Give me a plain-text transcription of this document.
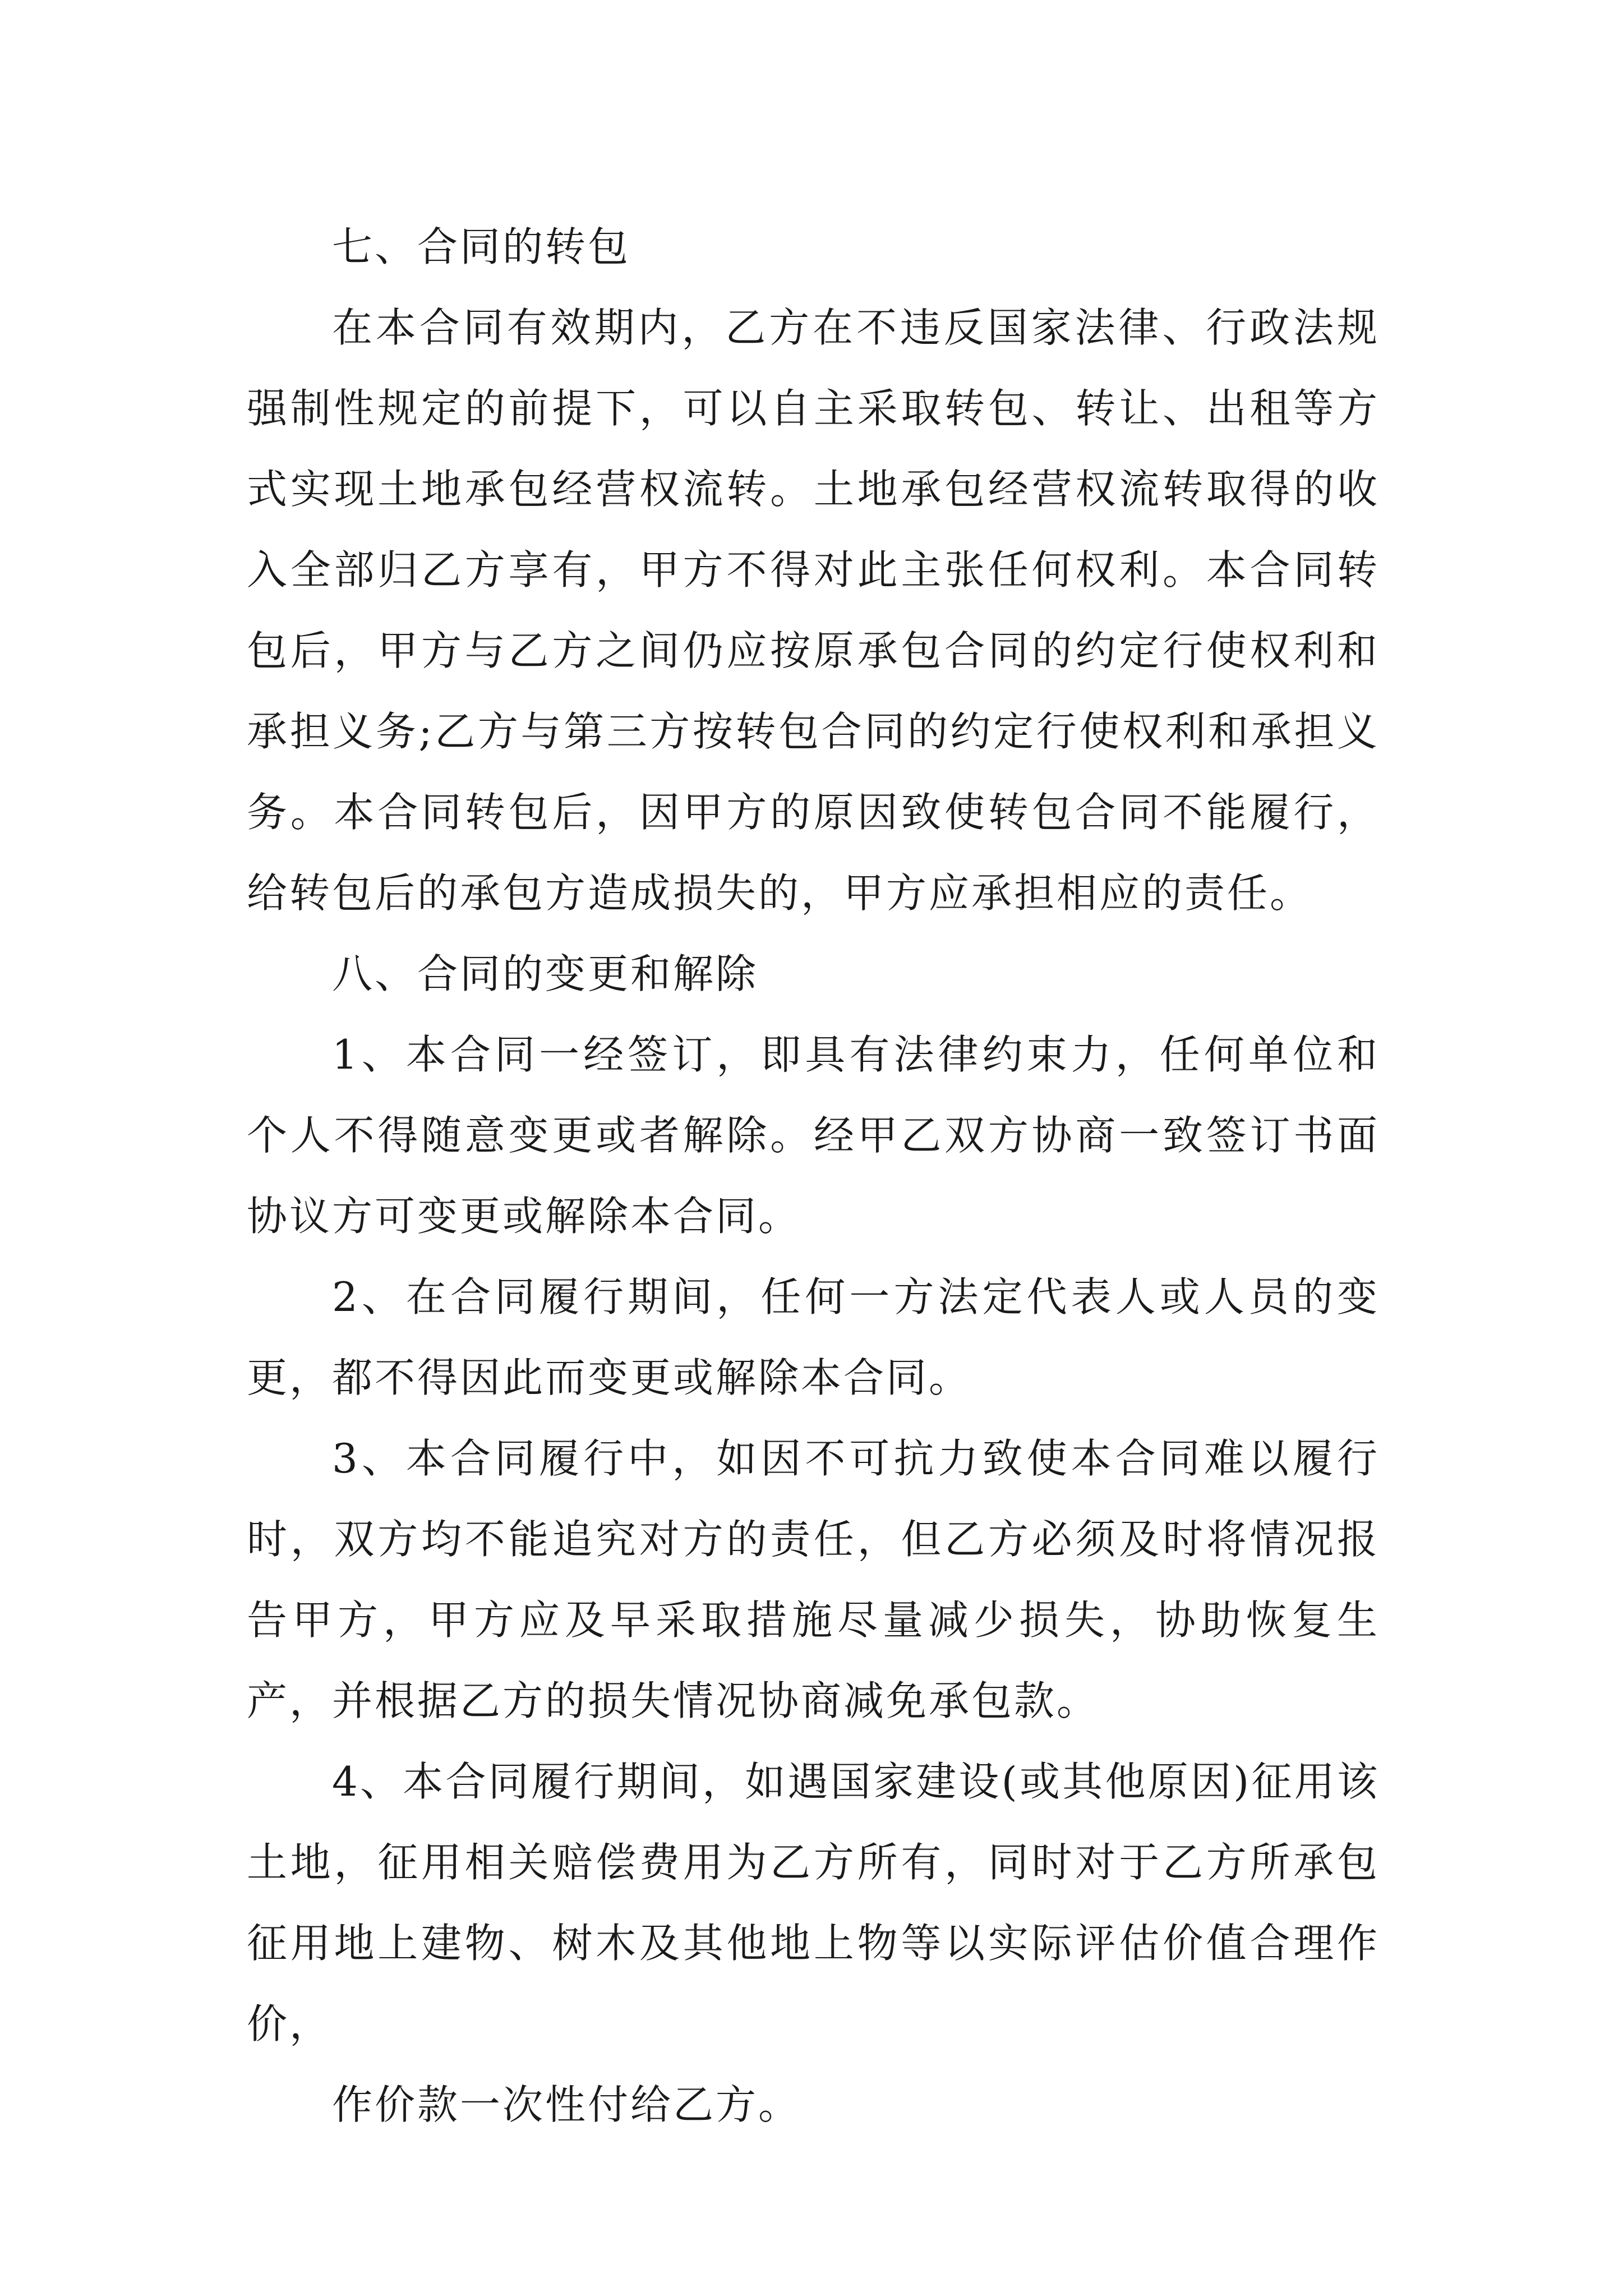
七、合同的转包

在本合同有效期内，乙方在不违反国家法律、行政法规强制性规定的前提下，可以自主采取转包、转让、出租等方式实现土地承包经营权流转。土地承包经营权流转取得的收入全部归乙方享有，甲方不得对此主张任何权利。本合同转包后，甲方与乙方之间仍应按原承包合同的约定行使权利和承担义务;乙方与第三方按转包合同的约定行使权利和承担义务。本合同转包后，因甲方的原因致使转包合同不能履行，给转包后的承包方造成损失的，甲方应承担相应的责任。

八、合同的变更和解除

1、本合同一经签订，即具有法律约束力，任何单位和个人不得随意变更或者解除。经甲乙双方协商一致签订书面协议方可变更或解除本合同。

2、在合同履行期间，任何一方法定代表人或人员的变更，都不得因此而变更或解除本合同。

3、本合同履行中，如因不可抗力致使本合同难以履行时，双方均不能追究对方的责任，但乙方必须及时将情况报告甲方，甲方应及早采取措施尽量减少损失，协助恢复生产，并根据乙方的损失情况协商减免承包款。

4、本合同履行期间，如遇国家建设(或其他原因)征用该土地，征用相关赔偿费用为乙方所有，同时对于乙方所承包征用地上建物、树木及其他地上物等以实际评估价值合理作价，

作价款一次性付给乙方。
